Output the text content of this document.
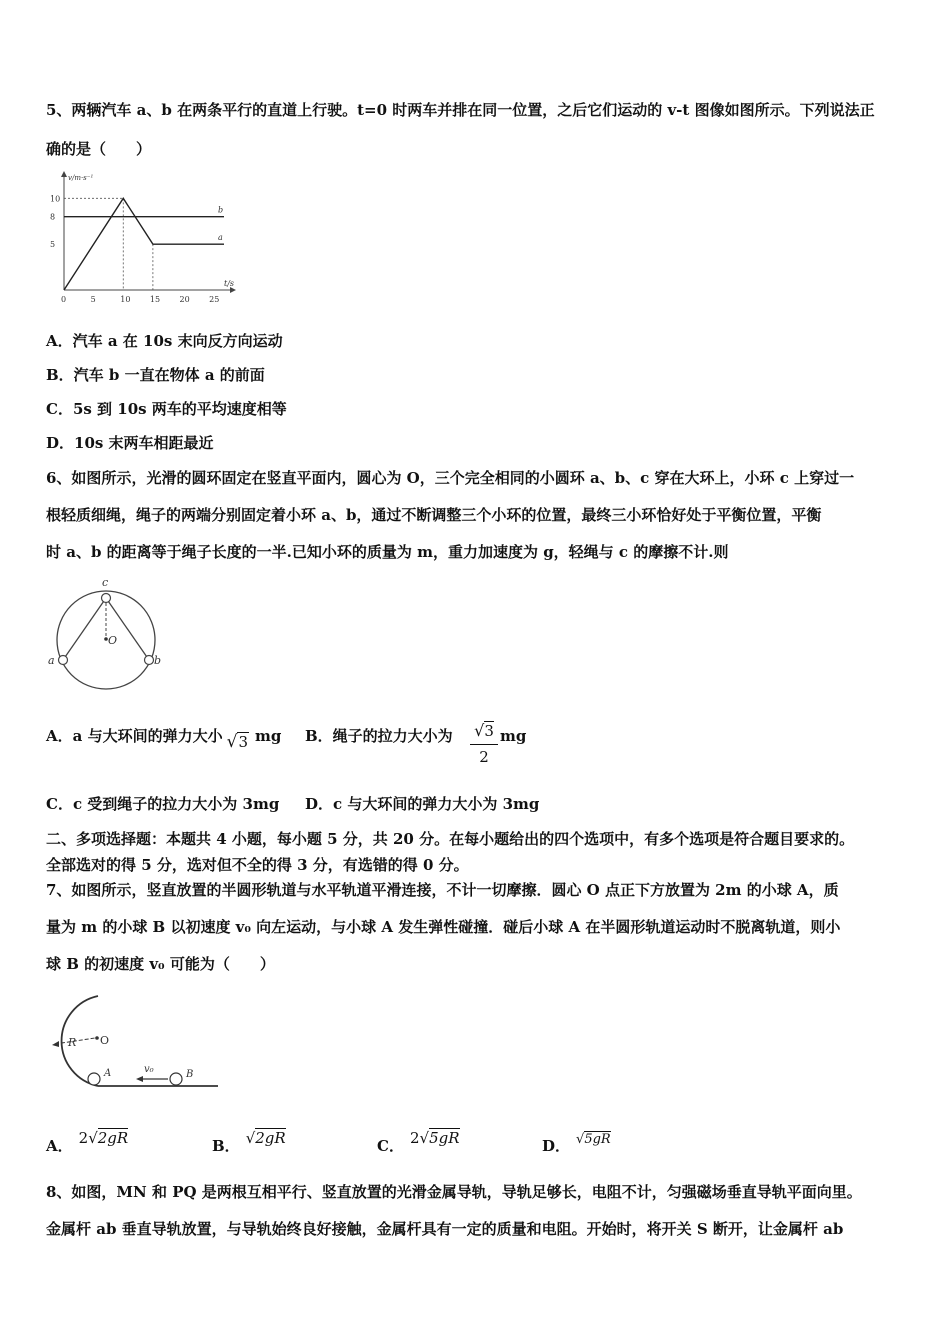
5、两辆汽车 a、b 在两条平行的直道上行驶。t=0 时两车并排在同一位置，之后它们运动的 v-t 图像如图所示。下列说法正
确的是（　　）
v/m·s⁻¹
t/s
0	5	10 15 20 25
5
8
10
a
b
A．汽车 a 在 10s 末向反方向运动
B．汽车 b 一直在物体 a 的前面
C．5s 到 10s 两车的平均速度相等
D．10s 末两车相距最近
6、如图所示，光滑的圆环固定在竖直平面内，圆心为 O，三个完全相同的小圆环 a、b、c 穿在大环上，小环 c 上穿过一
根轻质细绳，绳子的两端分别固定着小环 a、b，通过不断调整三个小环的位置，最终三小环恰好处于平衡位置，平衡
时 a、b 的距离等于绳子长度的一半.已知小环的质量为 m，重力加速度为 g，轻绳与 c 的摩擦不计.则
c
O
a	b
A．a 与大环间的弹力大小 √3 mg B．绳子的拉力大小为 √3
2
mg
C．c 受到绳子的拉力大小为 3mg D．c 与大环间的弹力大小为 3mg
二、多项选择题：本题共 4 小题，每小题 5 分，共 20 分。在每小题给出的四个选项中，有多个选项是符合题目要求的。
全部选对的得 5 分，选对但不全的得 3 分，有选错的得 0 分。
7、如图所示，竖直放置的半圆形轨道与水平轨道平滑连接，不计一切摩擦．圆心 O 点正下方放置为 2m 的小球 A，质
量为 m 的小球 B 以初速度 v₀ 向左运动，与小球 A 发生弹性碰撞．碰后小球 A 在半圆形轨道运动时不脱离轨道，则小
球 B 的初速度 v₀ 可能为（　　）
R O
A	v₀	B
A． 2√2gR	B． √2gR	C． 2√5gR	D． √5gR
8、如图，MN 和 PQ 是两根互相平行、竖直放置的光滑金属导轨，导轨足够长，电阻不计，匀强磁场垂直导轨平面向里。
金属杆 ab 垂直导轨放置，与导轨始终良好接触，金属杆具有一定的质量和电阻。开始时，将开关 S 断开，让金属杆 ab
